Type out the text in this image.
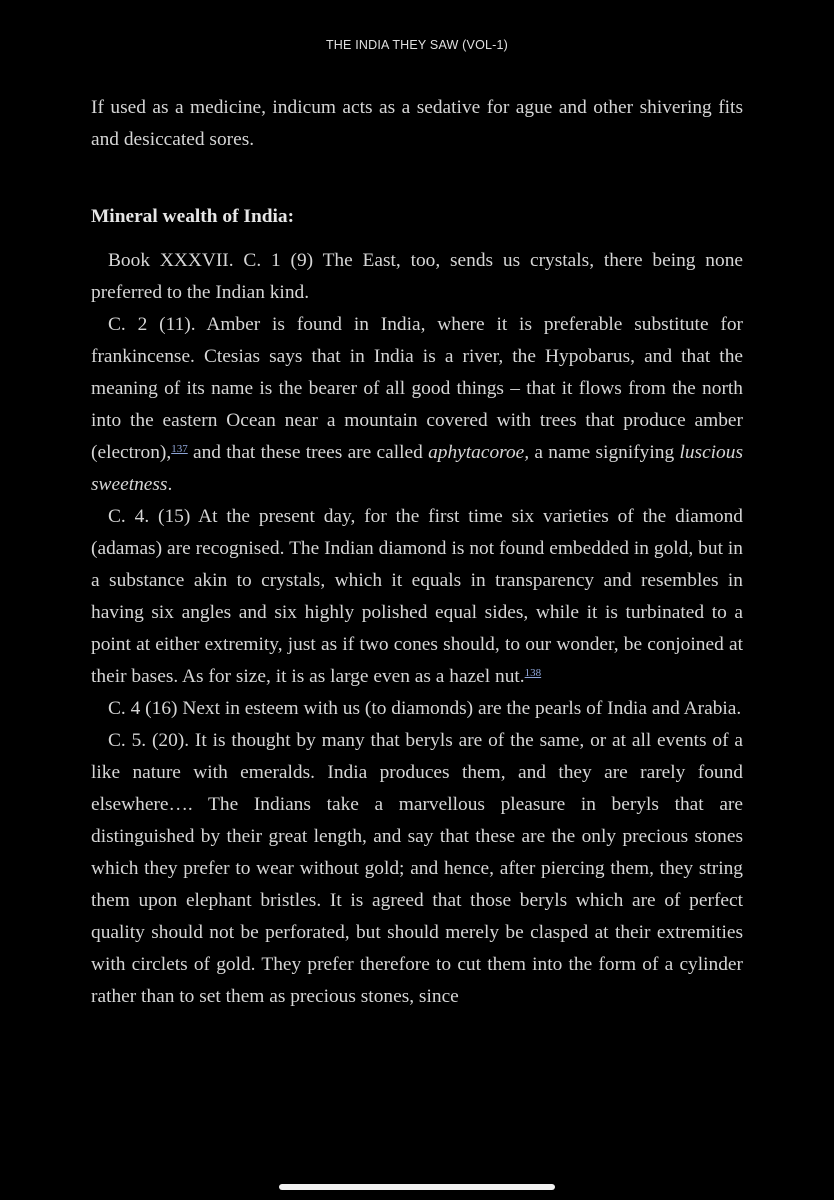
THE INDIA THEY SAW (VOL-1)

If used as a medicine, indicum acts as a sedative for ague and other shivering fits and desiccated sores.

Mineral wealth of India:

Book XXXVII. C. 1 (9) The East, too, sends us crystals, there being none preferred to the Indian kind.

C. 2 (11). Amber is found in India, where it is preferable substitute for frankincense. Ctesias says that in India is a river, the Hypobarus, and that the meaning of its name is the bearer of all good things – that it flows from the north into the eastern Ocean near a mountain covered with trees that produce amber (electron),$^{137}$ and that these trees are called aphytacoroe, a name signifying luscious sweetness.

C. 4. (15) At the present day, for the first time six varieties of the diamond (adamas) are recognised. The Indian diamond is not found embedded in gold, but in a substance akin to crystals, which it equals in transparency and resembles in having six angles and six highly polished equal sides, while it is turbinated to a point at either extremity, just as if two cones should, to our wonder, be conjoined at their bases. As for size, it is as large even as a hazel nut.$^{138}$

C. 4 (16) Next in esteem with us (to diamonds) are the pearls of India and Arabia.

C. 5. (20). It is thought by many that beryls are of the same, or at all events of a like nature with emeralds. India produces them, and they are rarely found elsewhere…. The Indians take a marvellous pleasure in beryls that are distinguished by their great length, and say that these are the only precious stones which they prefer to wear without gold; and hence, after piercing them, they string them upon elephant bristles. It is agreed that those beryls which are of perfect quality should not be perforated, but should merely be clasped at their extremities with circlets of gold. They prefer therefore to cut them into the form of a cylinder rather than to set them as precious stones, since
